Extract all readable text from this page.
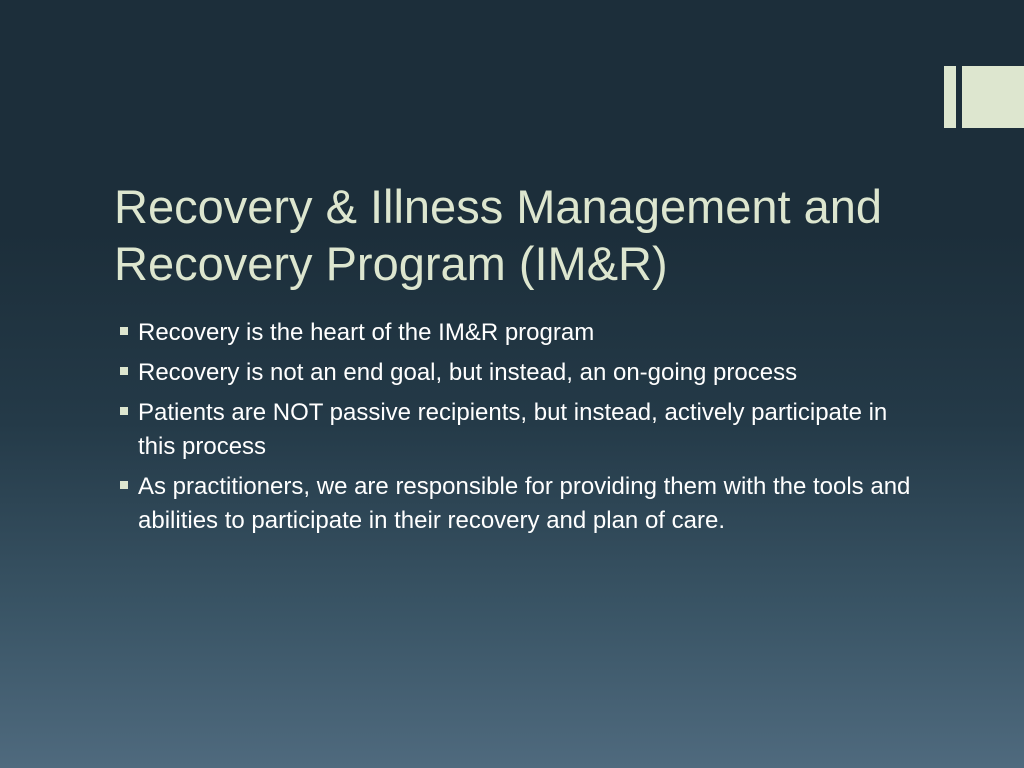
Recovery & Illness Management and Recovery Program (IM&R)
Recovery is the heart of the IM&R program
Recovery is not an end goal, but instead, an on-going process
Patients are NOT passive recipients, but instead, actively participate in this process
As practitioners, we are responsible for providing them with the tools and abilities to participate in their recovery and plan of care.
